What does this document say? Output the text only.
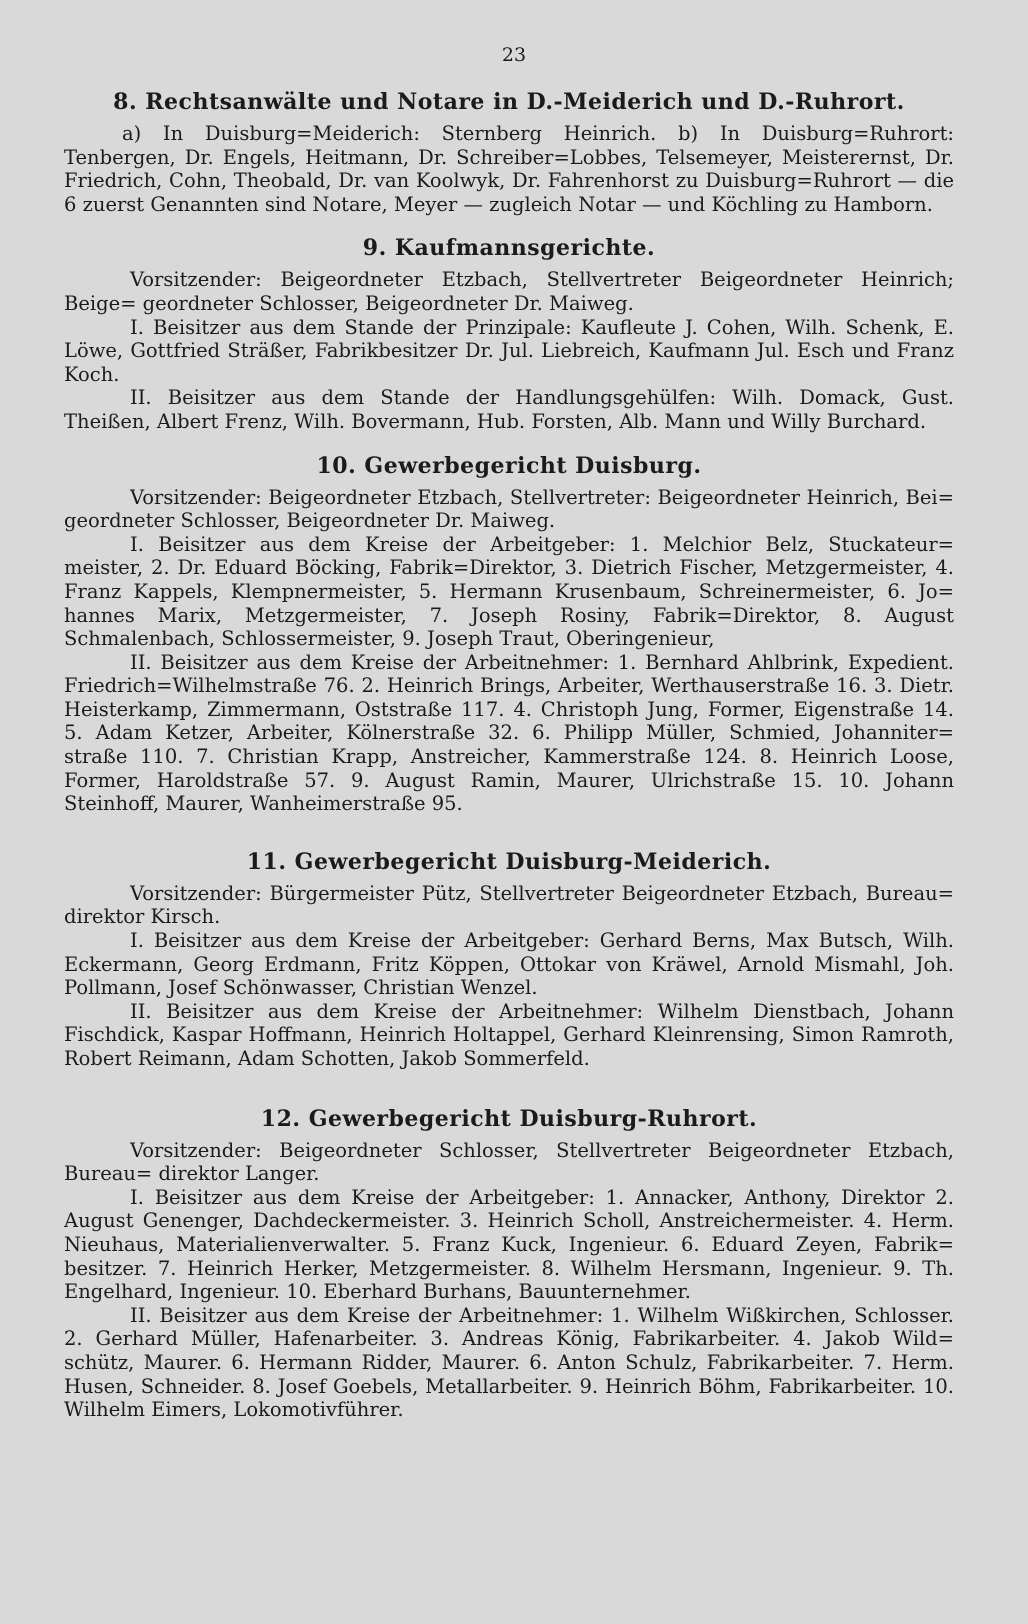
23
8. Rechtsanwälte und Notare in D.-Meiderich und D.-Ruhrort.

a) In Duisburg=Meiderich: Sternberg Heinrich. b) In Duisburg=Ruhrort: Tenbergen, Dr. Engels, Heitmann, Dr. Schreiber=Lobbes, Telsemeyer, Meisterernst, Dr. Friedrich, Cohn, Theobald, Dr. van Koolwyk, Dr. Fahrenhorst zu Duisburg=Ruhrort — die 6 zuerst Genannten sind Notare, Meyer — zugleich Notar — und Köchling zu Hamborn.

9. Kaufmannsgerichte.

Vorsitzender: Beigeordneter Etzbach, Stellvertreter Beigeordneter Heinrich; Beige= geordneter Schlosser, Beigeordneter Dr. Maiweg.

I. Beisitzer aus dem Stande der Prinzipale: Kaufleute J. Cohen, Wilh. Schenk, E. Löwe, Gottfried Sträßer, Fabrikbesitzer Dr. Jul. Liebreich, Kaufmann Jul. Esch und Franz Koch.

II. Beisitzer aus dem Stande der Handlungsgehülfen: Wilh. Domack, Gust. Theißen, Albert Frenz, Wilh. Bovermann, Hub. Forsten, Alb. Mann und Willy Burchard.

10. Gewerbegericht Duisburg.

Vorsitzender: Beigeordneter Etzbach, Stellvertreter: Beigeordneter Heinrich, Bei= geordneter Schlosser, Beigeordneter Dr. Maiweg.

I. Beisitzer aus dem Kreise der Arbeitgeber: 1. Melchior Belz, Stuckateur= meister, 2. Dr. Eduard Böcking, Fabrik=Direktor, 3. Dietrich Fischer, Metzgermeister, 4. Franz Kappels, Klempnermeister, 5. Hermann Krusenbaum, Schreinermeister, 6. Jo= hannes Marix, Metzgermeister, 7. Joseph Rosiny, Fabrik=Direktor, 8. August Schmalenbach, Schlossermeister, 9. Joseph Traut, Oberingenieur,

II. Beisitzer aus dem Kreise der Arbeitnehmer: 1. Bernhard Ahlbrink, Expedient. Friedrich=Wilhelmstraße 76. 2. Heinrich Brings, Arbeiter, Werthauserstraße 16. 3. Dietr. Heisterkamp, Zimmermann, Oststraße 117. 4. Christoph Jung, Former, Eigenstraße 14. 5. Adam Ketzer, Arbeiter, Kölnerstraße 32. 6. Philipp Müller, Schmied, Johanniter= straße 110. 7. Christian Krapp, Anstreicher, Kammerstraße 124. 8. Heinrich Loose, Former, Haroldstraße 57. 9. August Ramin, Maurer, Ulrichstraße 15. 10. Johann Steinhoff, Maurer, Wanheimerstraße 95.

11. Gewerbegericht Duisburg-Meiderich.

Vorsitzender: Bürgermeister Pütz, Stellvertreter Beigeordneter Etzbach, Bureau= direktor Kirsch.

I. Beisitzer aus dem Kreise der Arbeitgeber: Gerhard Berns, Max Butsch, Wilh. Eckermann, Georg Erdmann, Fritz Köppen, Ottokar von Kräwel, Arnold Mismahl, Joh. Pollmann, Josef Schönwasser, Christian Wenzel.

II. Beisitzer aus dem Kreise der Arbeitnehmer: Wilhelm Dienstbach, Johann Fischdick, Kaspar Hoffmann, Heinrich Holtappel, Gerhard Kleinrensing, Simon Ramroth, Robert Reimann, Adam Schotten, Jakob Sommerfeld.

12. Gewerbegericht Duisburg-Ruhrort.

Vorsitzender: Beigeordneter Schlosser, Stellvertreter Beigeordneter Etzbach, Bureau= direktor Langer.

I. Beisitzer aus dem Kreise der Arbeitgeber: 1. Annacker, Anthony, Direktor 2. August Genenger, Dachdeckermeister. 3. Heinrich Scholl, Anstreichermeister. 4. Herm. Nieuhaus, Materialienverwalter. 5. Franz Kuck, Ingenieur. 6. Eduard Zeyen, Fabrik= besitzer. 7. Heinrich Herker, Metzgermeister. 8. Wilhelm Hersmann, Ingenieur. 9. Th. Engelhard, Ingenieur. 10. Eberhard Burhans, Bauunternehmer.

II. Beisitzer aus dem Kreise der Arbeitnehmer: 1. Wilhelm Wißkirchen, Schlosser. 2. Gerhard Müller, Hafenarbeiter. 3. Andreas König, Fabrikarbeiter. 4. Jakob Wild= schütz, Maurer. 6. Hermann Ridder, Maurer. 6. Anton Schulz, Fabrikarbeiter. 7. Herm. Husen, Schneider. 8. Josef Goebels, Metallarbeiter. 9. Heinrich Böhm, Fabrikarbeiter. 10. Wilhelm Eimers, Lokomotivführer.
